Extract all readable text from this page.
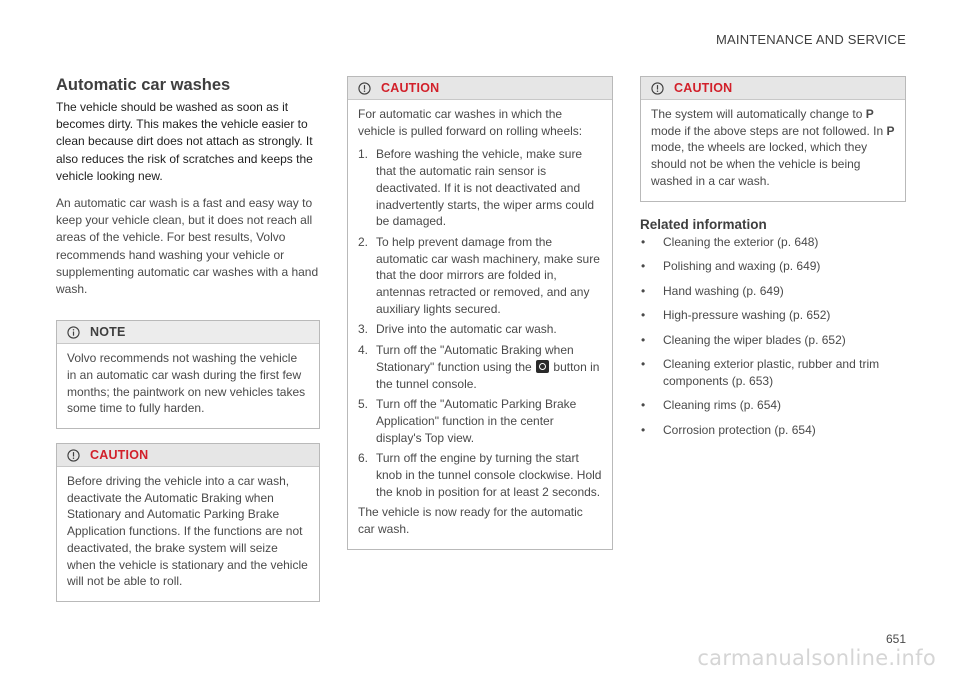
MAINTENANCE AND SERVICE
Automatic car washes

The vehicle should be washed as soon as it becomes dirty. This makes the vehicle easier to clean because dirt does not attach as strongly. It also reduces the risk of scratches and keeps the vehicle looking new.

An automatic car wash is a fast and easy way to keep your vehicle clean, but it does not reach all areas of the vehicle. For best results, Volvo recommends hand washing your vehicle or supplementing automatic car washes with a hand wash.

NOTE

Volvo recommends not washing the vehicle in an automatic car wash during the first few months; the paintwork on new vehicles takes some time to fully harden.

CAUTION

Before driving the vehicle into a car wash, deactivate the Automatic Braking when Stationary and Automatic Parking Brake Application functions. If the functions are not deactivated, the brake system will seize when the vehicle is stationary and the vehicle will not be able to roll.

CAUTION

For automatic car washes in which the vehicle is pulled forward on rolling wheels:

1. Before washing the vehicle, make sure that the automatic rain sensor is deactivated. If it is not deactivated and inadvertently starts, the wiper arms could be damaged.
2. To help prevent damage from the automatic car wash machinery, make sure that the door mirrors are folded in, antennas retracted or removed, and any auxiliary lights secured.
3. Drive into the automatic car wash.
4. Turn off the "Automatic Braking when Stationary" function using the button in the tunnel console.
5. Turn off the "Automatic Parking Brake Application" function in the center display's Top view.
6. Turn off the engine by turning the start knob in the tunnel console clockwise. Hold the knob in position for at least 2 seconds.

The vehicle is now ready for the automatic car wash.

CAUTION

The system will automatically change to P mode if the above steps are not followed. In P mode, the wheels are locked, which they should not be when the vehicle is being washed in a car wash.

Related information
•	Cleaning the exterior (p. 648)
•	Polishing and waxing (p. 649)
•	Hand washing (p. 649)
•	High-pressure washing (p. 652)
•	Cleaning the wiper blades (p. 652)
•	Cleaning exterior plastic, rubber and trim components (p. 653)
•	Cleaning rims (p. 654)
•	Corrosion protection (p. 654)
651
carmanualsonline.info
